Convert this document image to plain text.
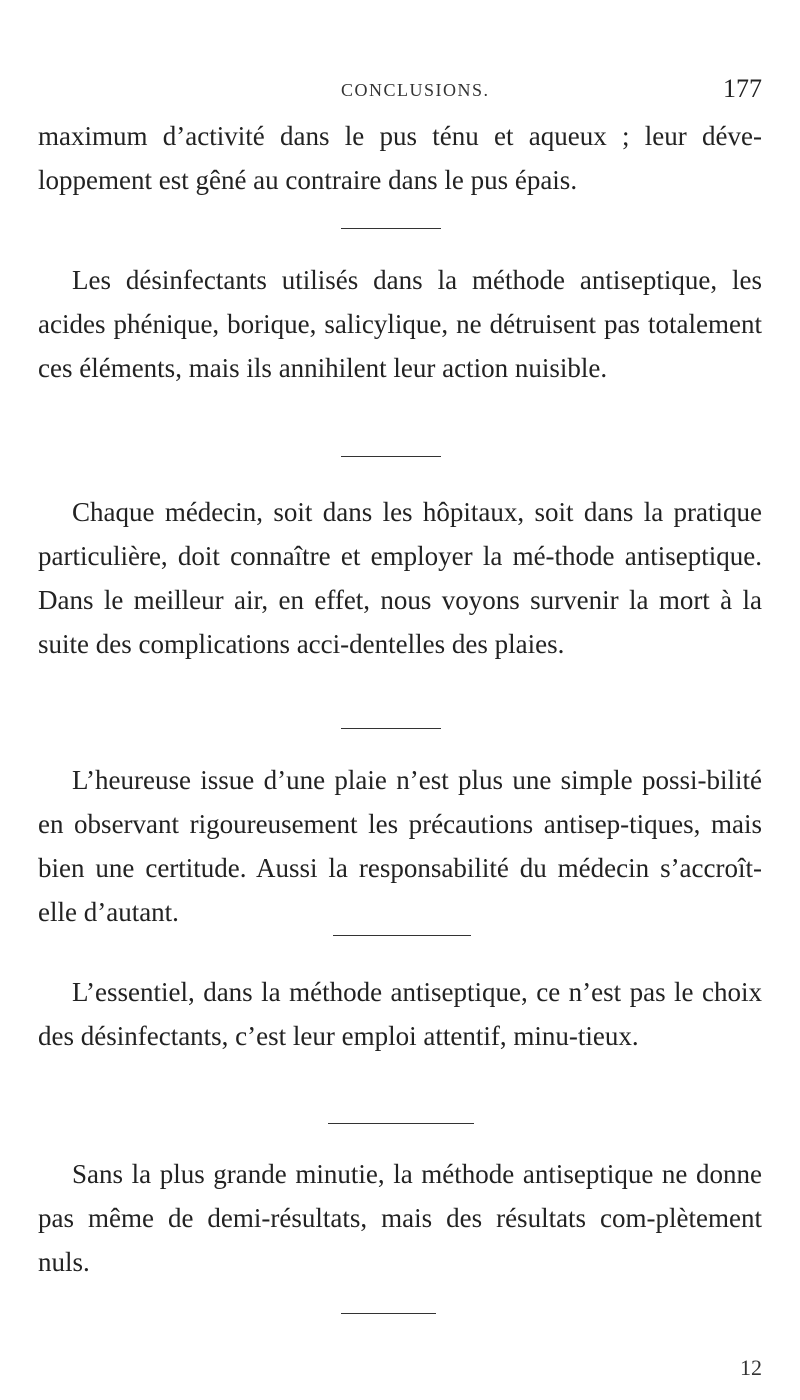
CONCLUSIONS.	177

maximum d’activité dans le pus ténu et aqueux ; leur déve-loppement est gêné au contraire dans le pus épais.

Les désinfectants utilisés dans la méthode antiseptique, les acides phénique, borique, salicylique, ne détruisent pas totalement ces éléments, mais ils annihilent leur action nuisible.

Chaque médecin, soit dans les hôpitaux, soit dans la pratique particulière, doit connaître et employer la mé-thode antiseptique. Dans le meilleur air, en effet, nous voyons survenir la mort à la suite des complications acci-dentelles des plaies.

L’heureuse issue d’une plaie n’est plus une simple possi-bilité en observant rigoureusement les précautions antisep-tiques, mais bien une certitude. Aussi la responsabilité du médecin s’accroît-elle d’autant.

L’essentiel, dans la méthode antiseptique, ce n’est pas le choix des désinfectants, c’est leur emploi attentif, minu-tieux.

Sans la plus grande minutie, la méthode antiseptique ne donne pas même de demi-résultats, mais des résultats com-plètement nuls.

12
